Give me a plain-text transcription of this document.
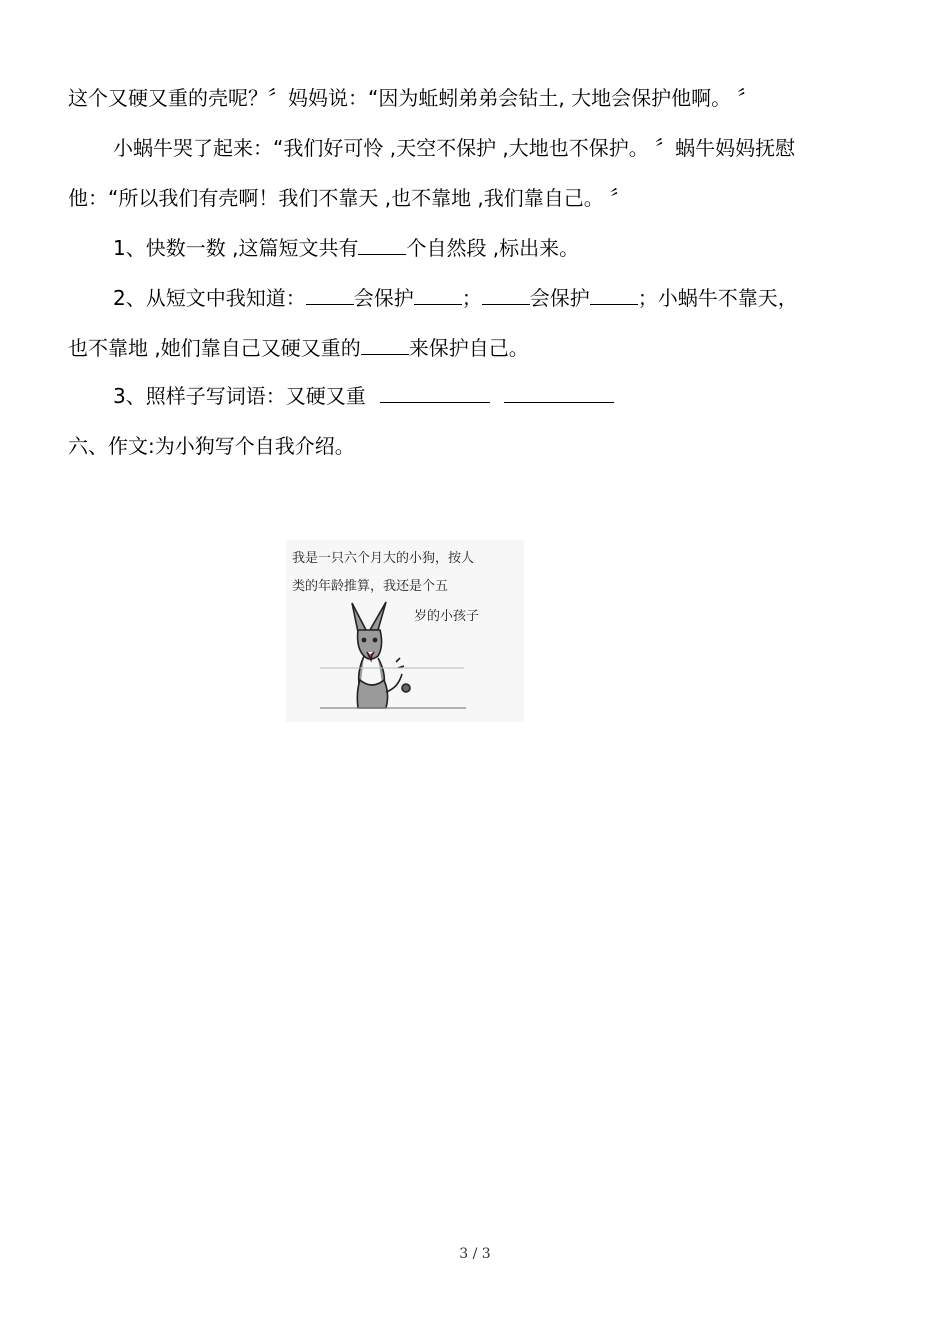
这个又硬又重的壳呢？〞妈妈说：“因为蚯蚓弟弟会钻土, 大地会保护他啊。 〞
小蜗牛哭了起来：“我们好可怜 ,天空不保护 ,大地也不保护。 〞蜗牛妈妈抚慰
他：“所以我们有壳啊！我们不靠天 ,也不靠地 ,我们靠自己。 〞
1、快数一数 ,这篇短文共有 个自然段 ,标出来。
2、从短文中我知道： 会保护 ； 会保护 ；小蜗牛不靠天，
也不靠地 ,她们靠自己又硬又重的 来保护自己。
3、照样子写词语：又硬又重
六、作文:为小狗写个自我介绍。
我是一只六个月大的小狗，按人
类的年龄推算，我还是个五
岁的小孩子
3 / 3
